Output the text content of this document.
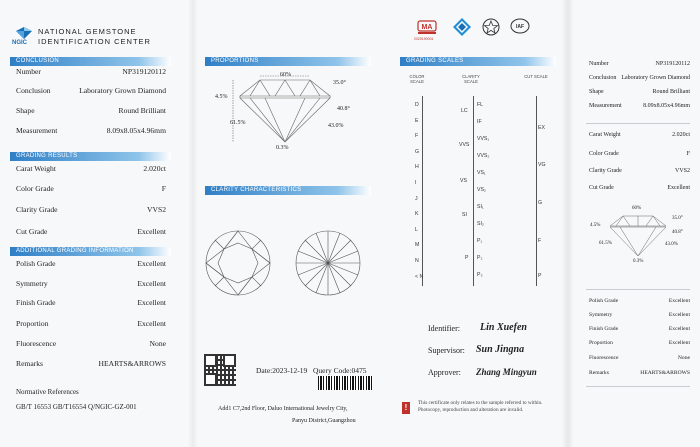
NGIC
NATIONAL GEMSTONE
IDENTIFICATION CENTER
CONCLUSION
Number	NP319120112
Conclusion	Laboratory Grown Diamond
Shape	Round Brilliant
Measurement	8.09x8.05x4.96mm
GRADING RESULTS
Carat Weight	2.020ct
Color Grade	F
Clarity Grade	VVS2
Cut Grade	Excellent
ADDITIONAL GRADING INFORMATION
Polish Grade	Excellent
Symmetry	Excellent
Finish Grade	Excellent
Proportion	Excellent
Fluorescence	None
Remarks	HEARTS&ARROWS
Normative References
GB/T 16553 GB/T16554 Q/NGIC-GZ-001
PROPORTIONS
60%
35.0°
4.5%
40.8°
61.5%	43.0%
0.3%
CLARITY CHARACTERISTICS
Date:2023-12-19 Query Code:0475
Add1 C7,2nd Floor, Daluo International Jewelry City,
Panyu District,Guangzhou
MA
2020190001
IAF
GRADING SCALES
COLOR SCALE
CLARITY SCALE
CUT SCALE
D
E
F
G
H
I
J
K
L
M
N
< N
LC
VVS
VS
SI
P
FL
IF
VVS₁
VVS₂
VS₁
VS₂
SI₁
SI₂
P₁
P₂
P₃
EX
VG
G
F
P
Identifier: Lin Xuefen
Supervisor: Sun Jingna
Approver: Zhang Mingyun
!	This certificate only relates to the sample referred to within. Photocopy, reproduction and alteration are invalid.
Number	NP319120112
Conclusion Laboratory Grown Diamond
Shape	Round Brilliant
Measurement	8.09x8.05x4.96mm
Carat Weight	2.020ct
Color Grade	F
Clarity Grade	VVS2
Cut Grade	Excellent
60%
35.0°
4.5%
40.8°
61.5%	43.0%
0.3%
Polish Grade	Excellent
Symmetry	Excellent
Finish Grade	Excellent
Proportion	Excellent
Fluorescence	None
Remarks	HEARTS&ARROWS
